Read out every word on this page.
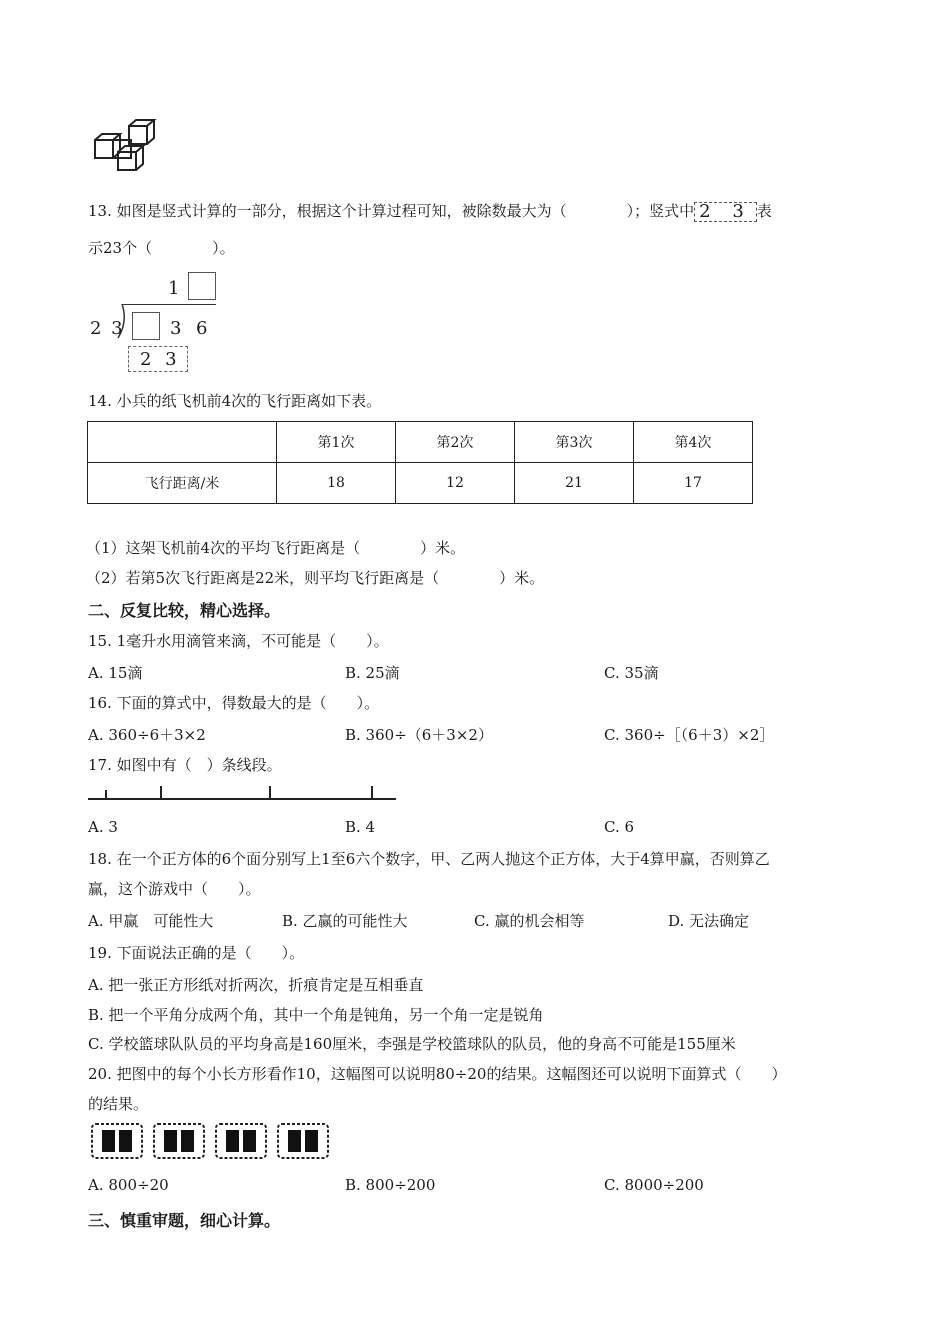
13. 如图是竖式计算的一部分，根据这个计算过程可知，被除数最大为（　　　　）；竖式中 2 3 表
示23个（　　　　）。
1
2 3	3 6
2 3
14. 小兵的纸飞机前4次的飞行距离如下表。
	第1次	第2次	第3次	第4次
飞行距离/米	18	12	21	17
（1）这架飞机前4次的平均飞行距离是（　　　　）米。
（2）若第5次飞行距离是22米，则平均飞行距离是（　　　　）米。
二、反复比较，精心选择。
15. 1毫升水用滴管来滴，不可能是（　　）。
A. 15滴	B. 25滴	C. 35滴
16. 下面的算式中，得数最大的是（　　）。
A. 360÷6＋3×2	B. 360÷（6＋3×2）	C. 360÷［（6＋3）×2］
17. 如图中有（　）条线段。
A. 3	B. 4	C. 6
18. 在一个正方体的6个面分别写上1至6六个数字，甲、乙两人抛这个正方体，大于4算甲赢，否则算乙
赢，这个游戏中（　　）。
A. 甲赢　可能性大	B. 乙赢的可能性大	C. 赢的机会相等	D. 无法确定
19. 下面说法正确的是（　　）。
A. 把一张正方形纸对折两次，折痕肯定是互相垂直
B. 把一个平角分成两个角，其中一个角是钝角，另一个角一定是锐角
C. 学校篮球队队员的平均身高是160厘米，李强是学校篮球队的队员，他的身高不可能是155厘米
20. 把图中的每个小长方形看作10，这幅图可以说明80÷20的结果。这幅图还可以说明下面算式（　　）
的结果。
A. 800÷20	B. 800÷200	C. 8000÷200
三、慎重审题，细心计算。
